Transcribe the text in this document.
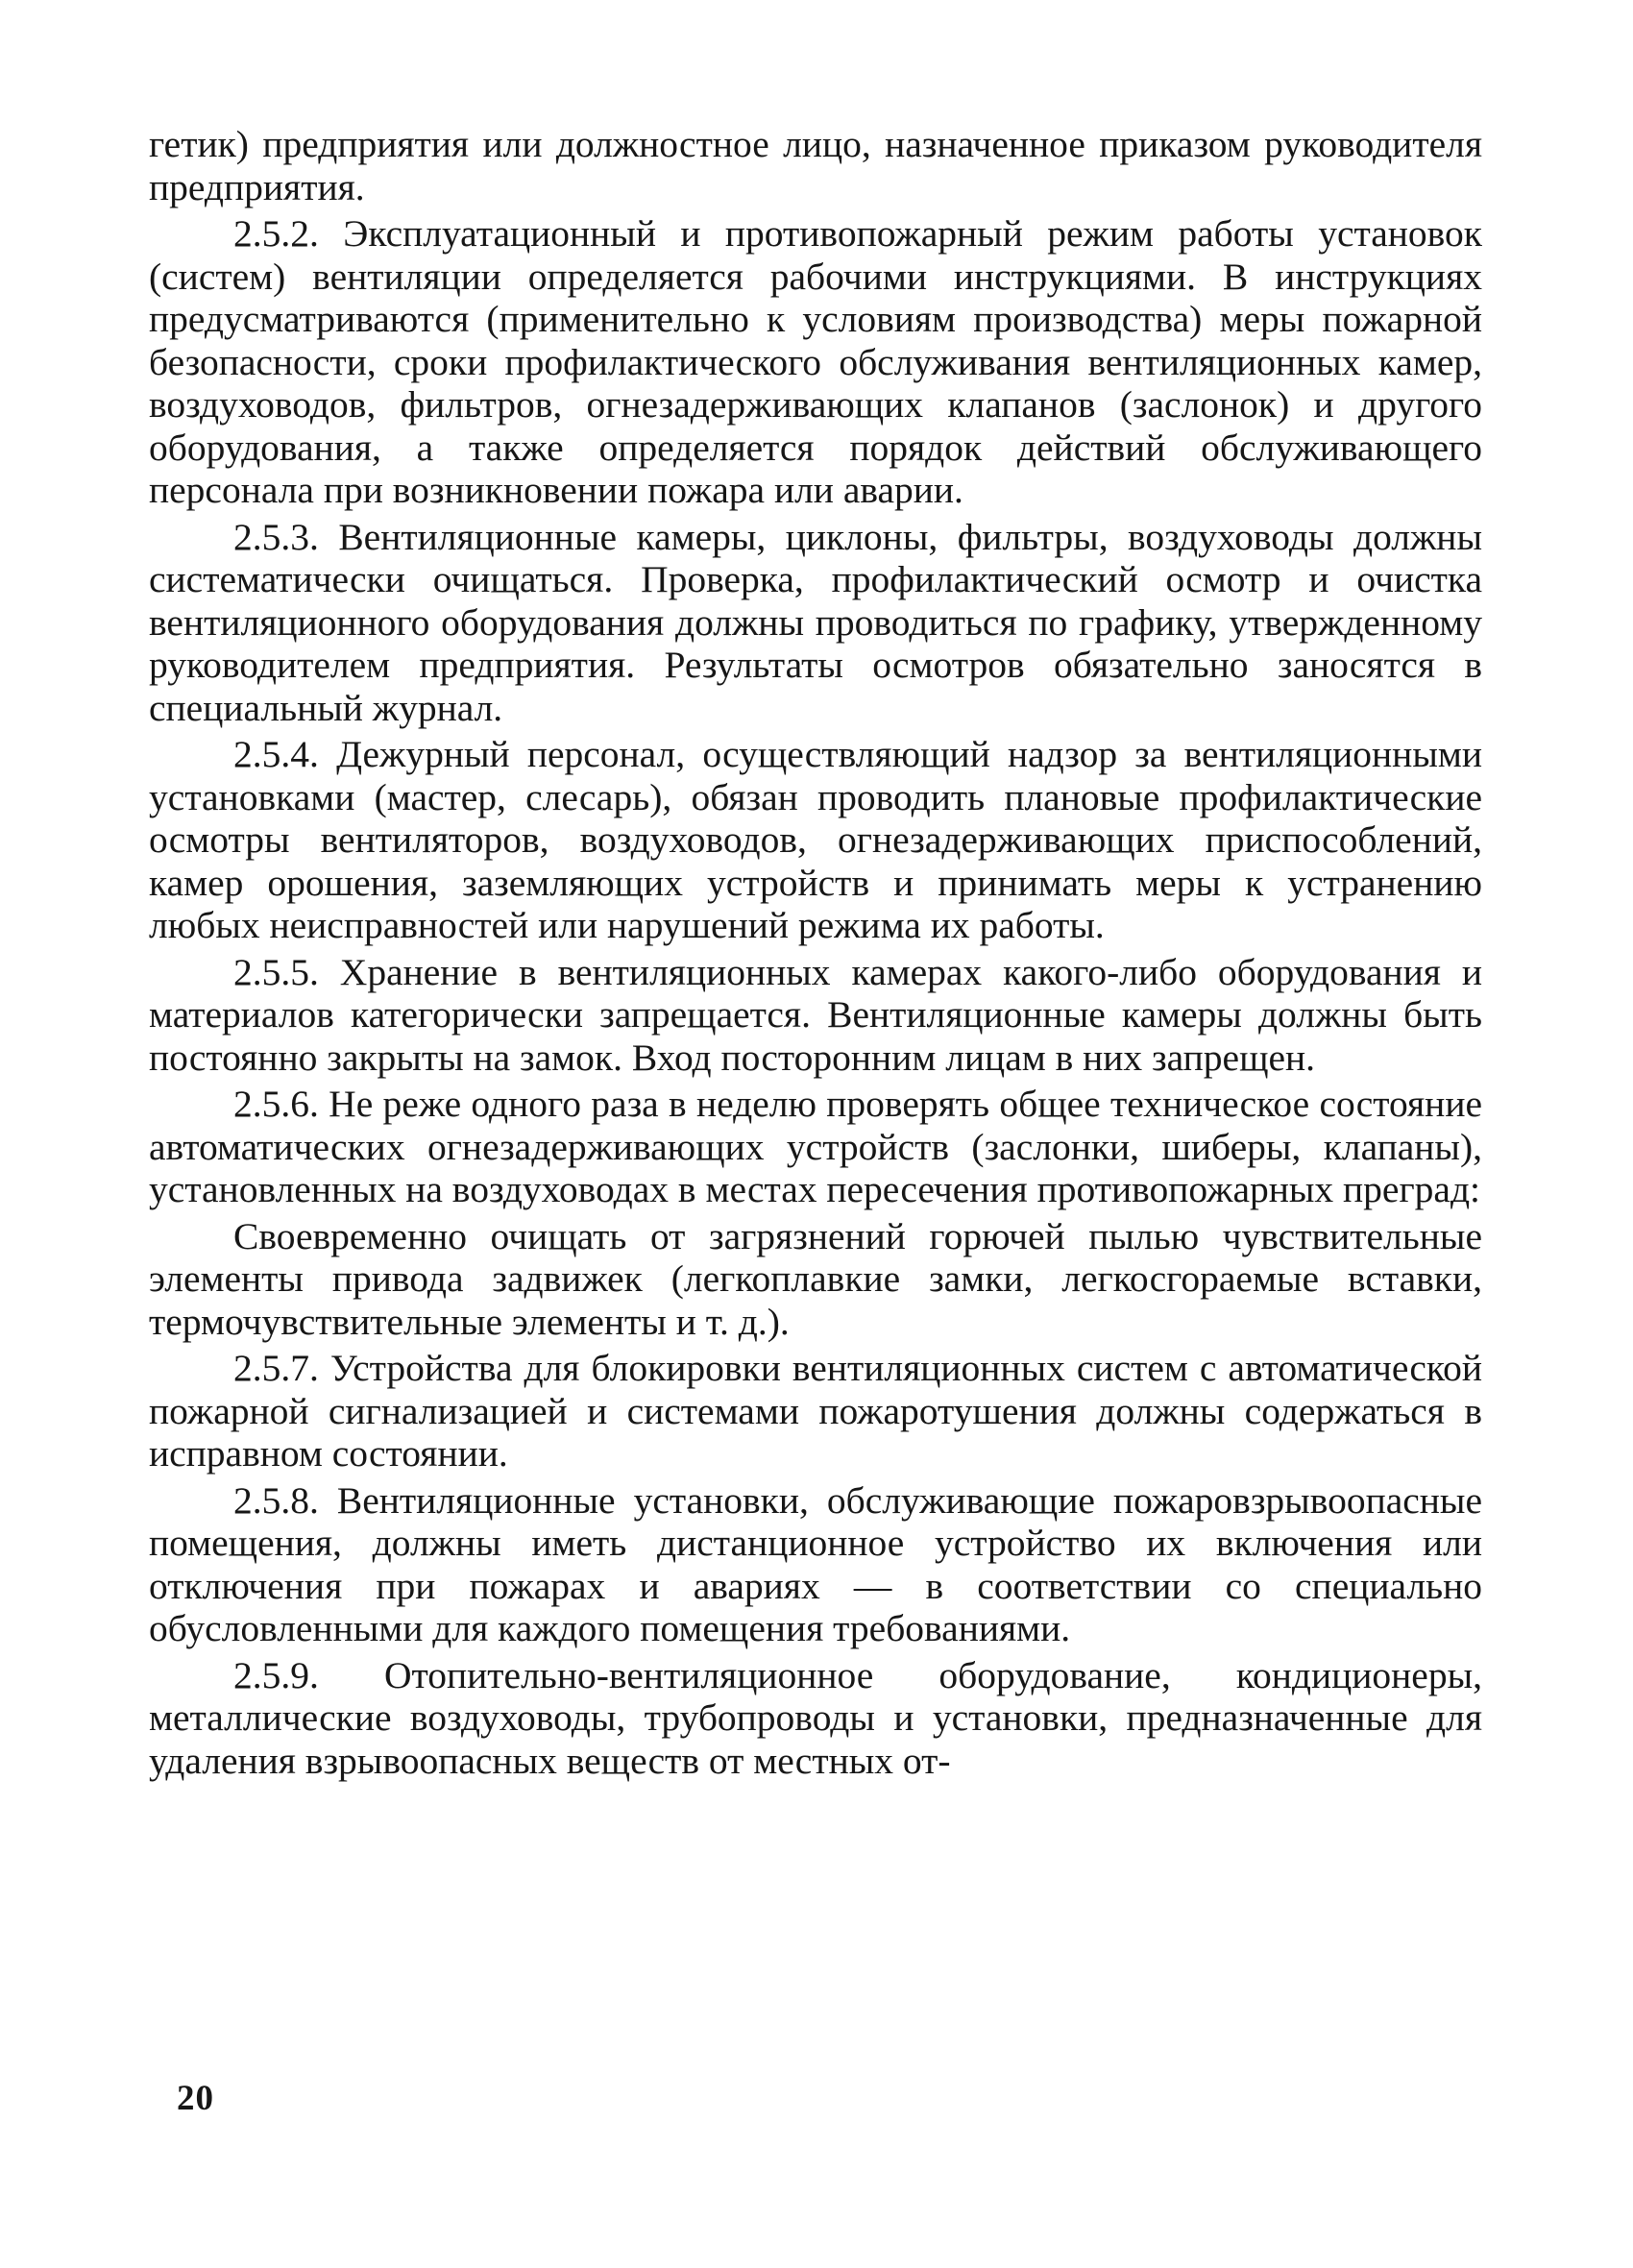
гетик) предприятия или должностное лицо, назначенное приказом руководителя предприятия.

2.5.2. Эксплуатационный и противопожарный режим работы установок (систем) вентиляции определяется рабочими инструкциями. В инструкциях предусматриваются (применительно к условиям производства) меры пожарной безопасности, сроки профилактического обслуживания вентиляционных камер, воздуховодов, фильтров, огнезадерживающих клапанов (заслонок) и другого оборудования, а также определяется порядок действий обслуживающего персонала при возникновении пожара или аварии.

2.5.3. Вентиляционные камеры, циклоны, фильтры, воздуховоды должны систематически очищаться. Проверка, профилактический осмотр и очистка вентиляционного оборудования должны проводиться по графику, утвержденному руководителем предприятия. Результаты осмотров обязательно заносятся в специальный журнал.

2.5.4. Дежурный персонал, осуществляющий надзор за вентиляционными установками (мастер, слесарь), обязан проводить плановые профилактические осмотры вентиляторов, воздуховодов, огнезадерживающих приспособлений, камер орошения, заземляющих устройств и принимать меры к устранению любых неисправностей или нарушений режима их работы.

2.5.5. Хранение в вентиляционных камерах какого-либо оборудования и материалов категорически запрещается. Вентиляционные камеры должны быть постоянно закрыты на замок. Вход посторонним лицам в них запрещен.

2.5.6. Не реже одного раза в неделю проверять общее техническое состояние автоматических огнезадерживающих устройств (заслонки, шиберы, клапаны), установленных на воздуховодах в местах пересечения противопожарных преград:

Своевременно очищать от загрязнений горючей пылью чувствительные элементы привода задвижек (легкоплавкие замки, легкосгораемые вставки, термочувствительные элементы и т. д.).

2.5.7. Устройства для блокировки вентиляционных систем с автоматической пожарной сигнализацией и системами пожаротушения должны содержаться в исправном состоянии.

2.5.8. Вентиляционные установки, обслуживающие пожаровзрывоопасные помещения, должны иметь дистанционное устройство их включения или отключения при пожарах и авариях — в соответствии со специально обусловленными для каждого помещения требованиями.

2.5.9. Отопительно-вентиляционное оборудование, кондиционеры, металлические воздуховоды, трубопроводы и установки, предназначенные для удаления взрывоопасных веществ от местных от-

20
